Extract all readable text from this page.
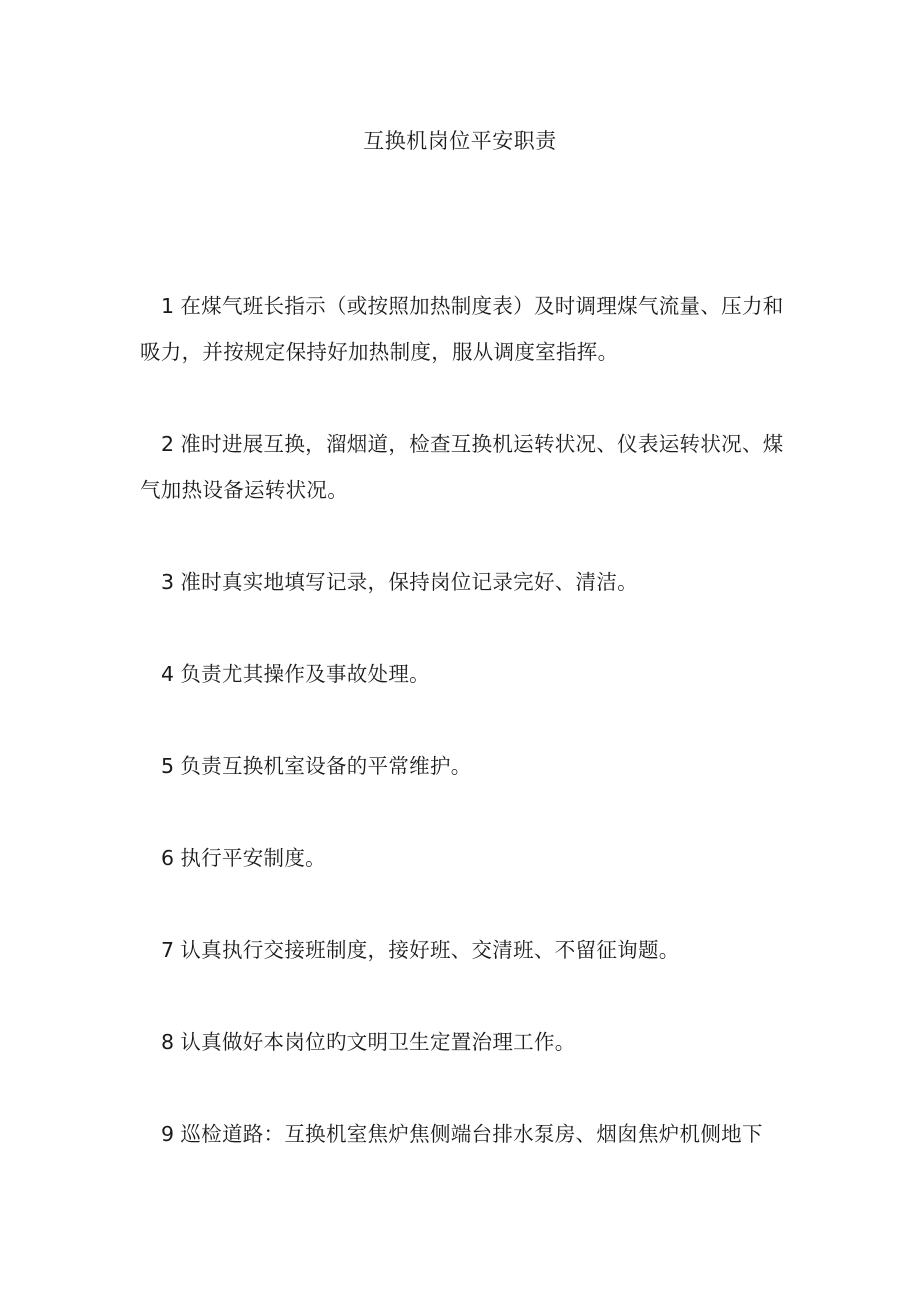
互换机岗位平安职责

1 在煤气班长指示（或按照加热制度表）及时调理煤气流量、压力和吸力，并按规定保持好加热制度，服从调度室指挥。

2 准时进展互换，溜烟道，检查互换机运转状况、仪表运转状况、煤气加热设备运转状况。

3 准时真实地填写记录，保持岗位记录完好、清洁。

4 负责尤其操作及事故处理。

5 负责互换机室设备的平常维护。

6 执行平安制度。

7 认真执行交接班制度，接好班、交清班、不留征询题。

8 认真做好本岗位旳文明卫生定置治理工作。

9 巡检道路：互换机室焦炉焦侧端台排水泵房、烟囱焦炉机侧地下
